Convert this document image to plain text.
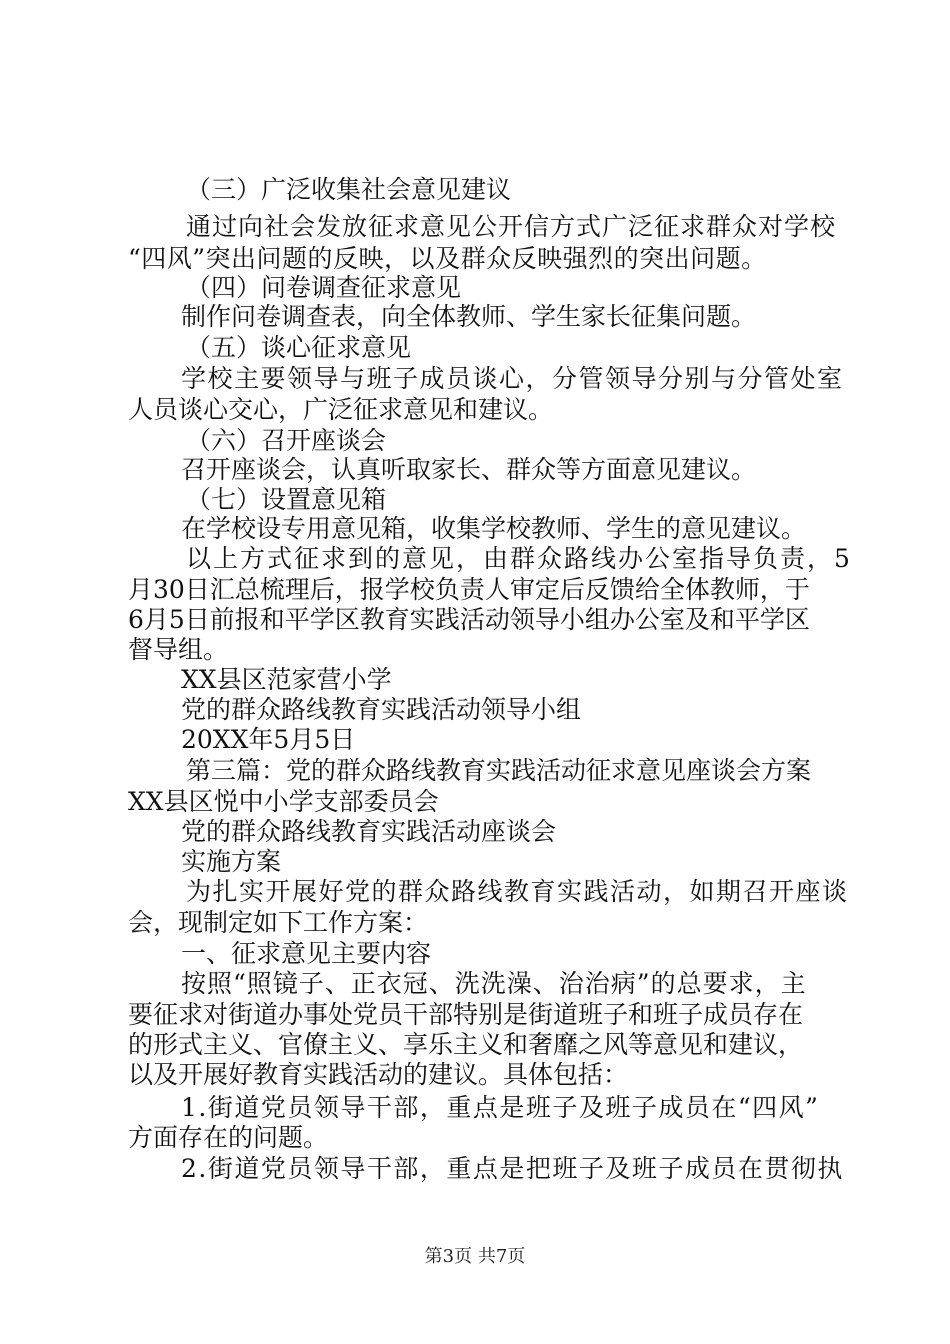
（三）广泛收集社会意见建议
通过向社会发放征求意见公开信方式广泛征求群众对学校
“四风”突出问题的反映，以及群众反映强烈的突出问题。
（四）问卷调查征求意见
制作问卷调查表，向全体教师、学生家长征集问题。
（五）谈心征求意见
学校主要领导与班子成员谈心，分管领导分别与分管处室
人员谈心交心，广泛征求意见和建议。
（六）召开座谈会
召开座谈会，认真听取家长、群众等方面意见建议。
（七）设置意见箱
在学校设专用意见箱，收集学校教师、学生的意见建议。
以上方式征求到的意见，由群众路线办公室指导负责，5
月30日汇总梳理后，报学校负责人审定后反馈给全体教师，于
6月5日前报和平学区教育实践活动领导小组办公室及和平学区
督导组。
XX县区范家营小学
党的群众路线教育实践活动领导小组
20XX年5月5日
第三篇：党的群众路线教育实践活动征求意见座谈会方案
XX县区悦中小学支部委员会
党的群众路线教育实践活动座谈会
实施方案
为扎实开展好党的群众路线教育实践活动，如期召开座谈
会，现制定如下工作方案：
一、征求意见主要内容
按照“照镜子、正衣冠、洗洗澡、治治病”的总要求，主
要征求对街道办事处党员干部特别是街道班子和班子成员存在
的形式主义、官僚主义、享乐主义和奢靡之风等意见和建议，
以及开展好教育实践活动的建议。具体包括：
1.街道党员领导干部，重点是班子及班子成员在“四风”
方面存在的问题。
2.街道党员领导干部，重点是把班子及班子成员在贯彻执
第3页 共7页
